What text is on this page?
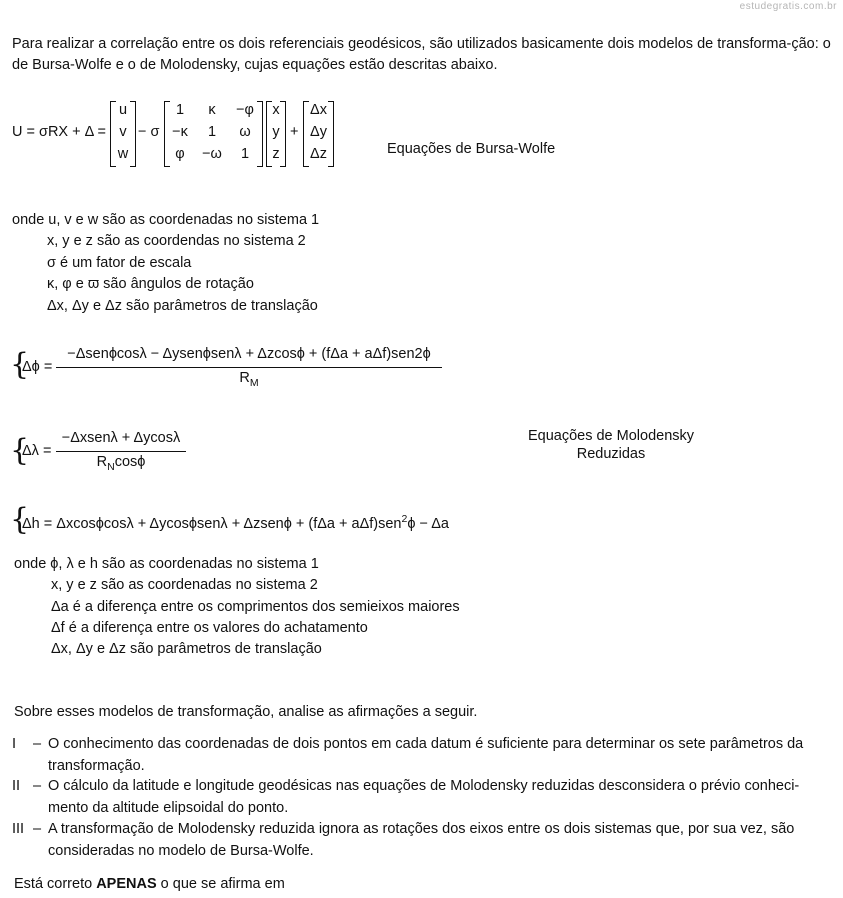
estudegratis.com.br
Para realizar a correlação entre os dois referenciais geodésicos, são utilizados basicamente dois modelos de transforma-ção: o de Bursa-Wolfe e o de Molodensky, cujas equações estão descritas abaixo.
U = σRX + Δ =
u
v
w
− σ
1	κ	−φ
−κ	1	ω
φ	−ω	1
x
y
z
+
Δx
Δy
Δz	Equações de Bursa-Wolfe
onde u, v e w são as coordenadas no sistema 1
x, y e z são as coordendas no sistema 2
σ é um fator de escala
κ, φ e ϖ são ângulos de rotação
Δx, Δy e Δz são parâmetros de translação
{
Δϕ =
−Δsenϕcosλ − Δysenϕsenλ + Δzcosϕ + (fΔa + aΔf)sen2ϕ
$R_M$
{
Δλ =
−Δxsenλ + Δycosλ
$R_N\cos\phi$
Equações de Molodensky
Reduzidas
{
Δh = Δxcosϕcosλ + Δycosϕsenλ + Δzsenϕ + (fΔa + aΔf)sen$^2$ϕ − Δa
onde ϕ, λ e h são as coordenadas no sistema 1
x, y e z são as coordenadas no sistema 2
Δa é a diferença entre os comprimentos dos semieixos maiores
Δf é a diferença entre os valores do achatamento
Δx, Δy e Δz são parâmetros de translação
Sobre esses modelos de transformação, analise as afirmações a seguir.
I – O conhecimento das coordenadas de dois pontos em cada datum é suficiente para determinar os sete parâmetros da transformação.
II – O cálculo da latitude e longitude geodésicas nas equações de Molodensky reduzidas desconsidera o prévio conheci-mento da altitude elipsoidal do ponto.
III – A transformação de Molodensky reduzida ignora as rotações dos eixos entre os dois sistemas que, por sua vez, são consideradas no modelo de Bursa-Wolfe.
Está correto APENAS o que se afirma em
